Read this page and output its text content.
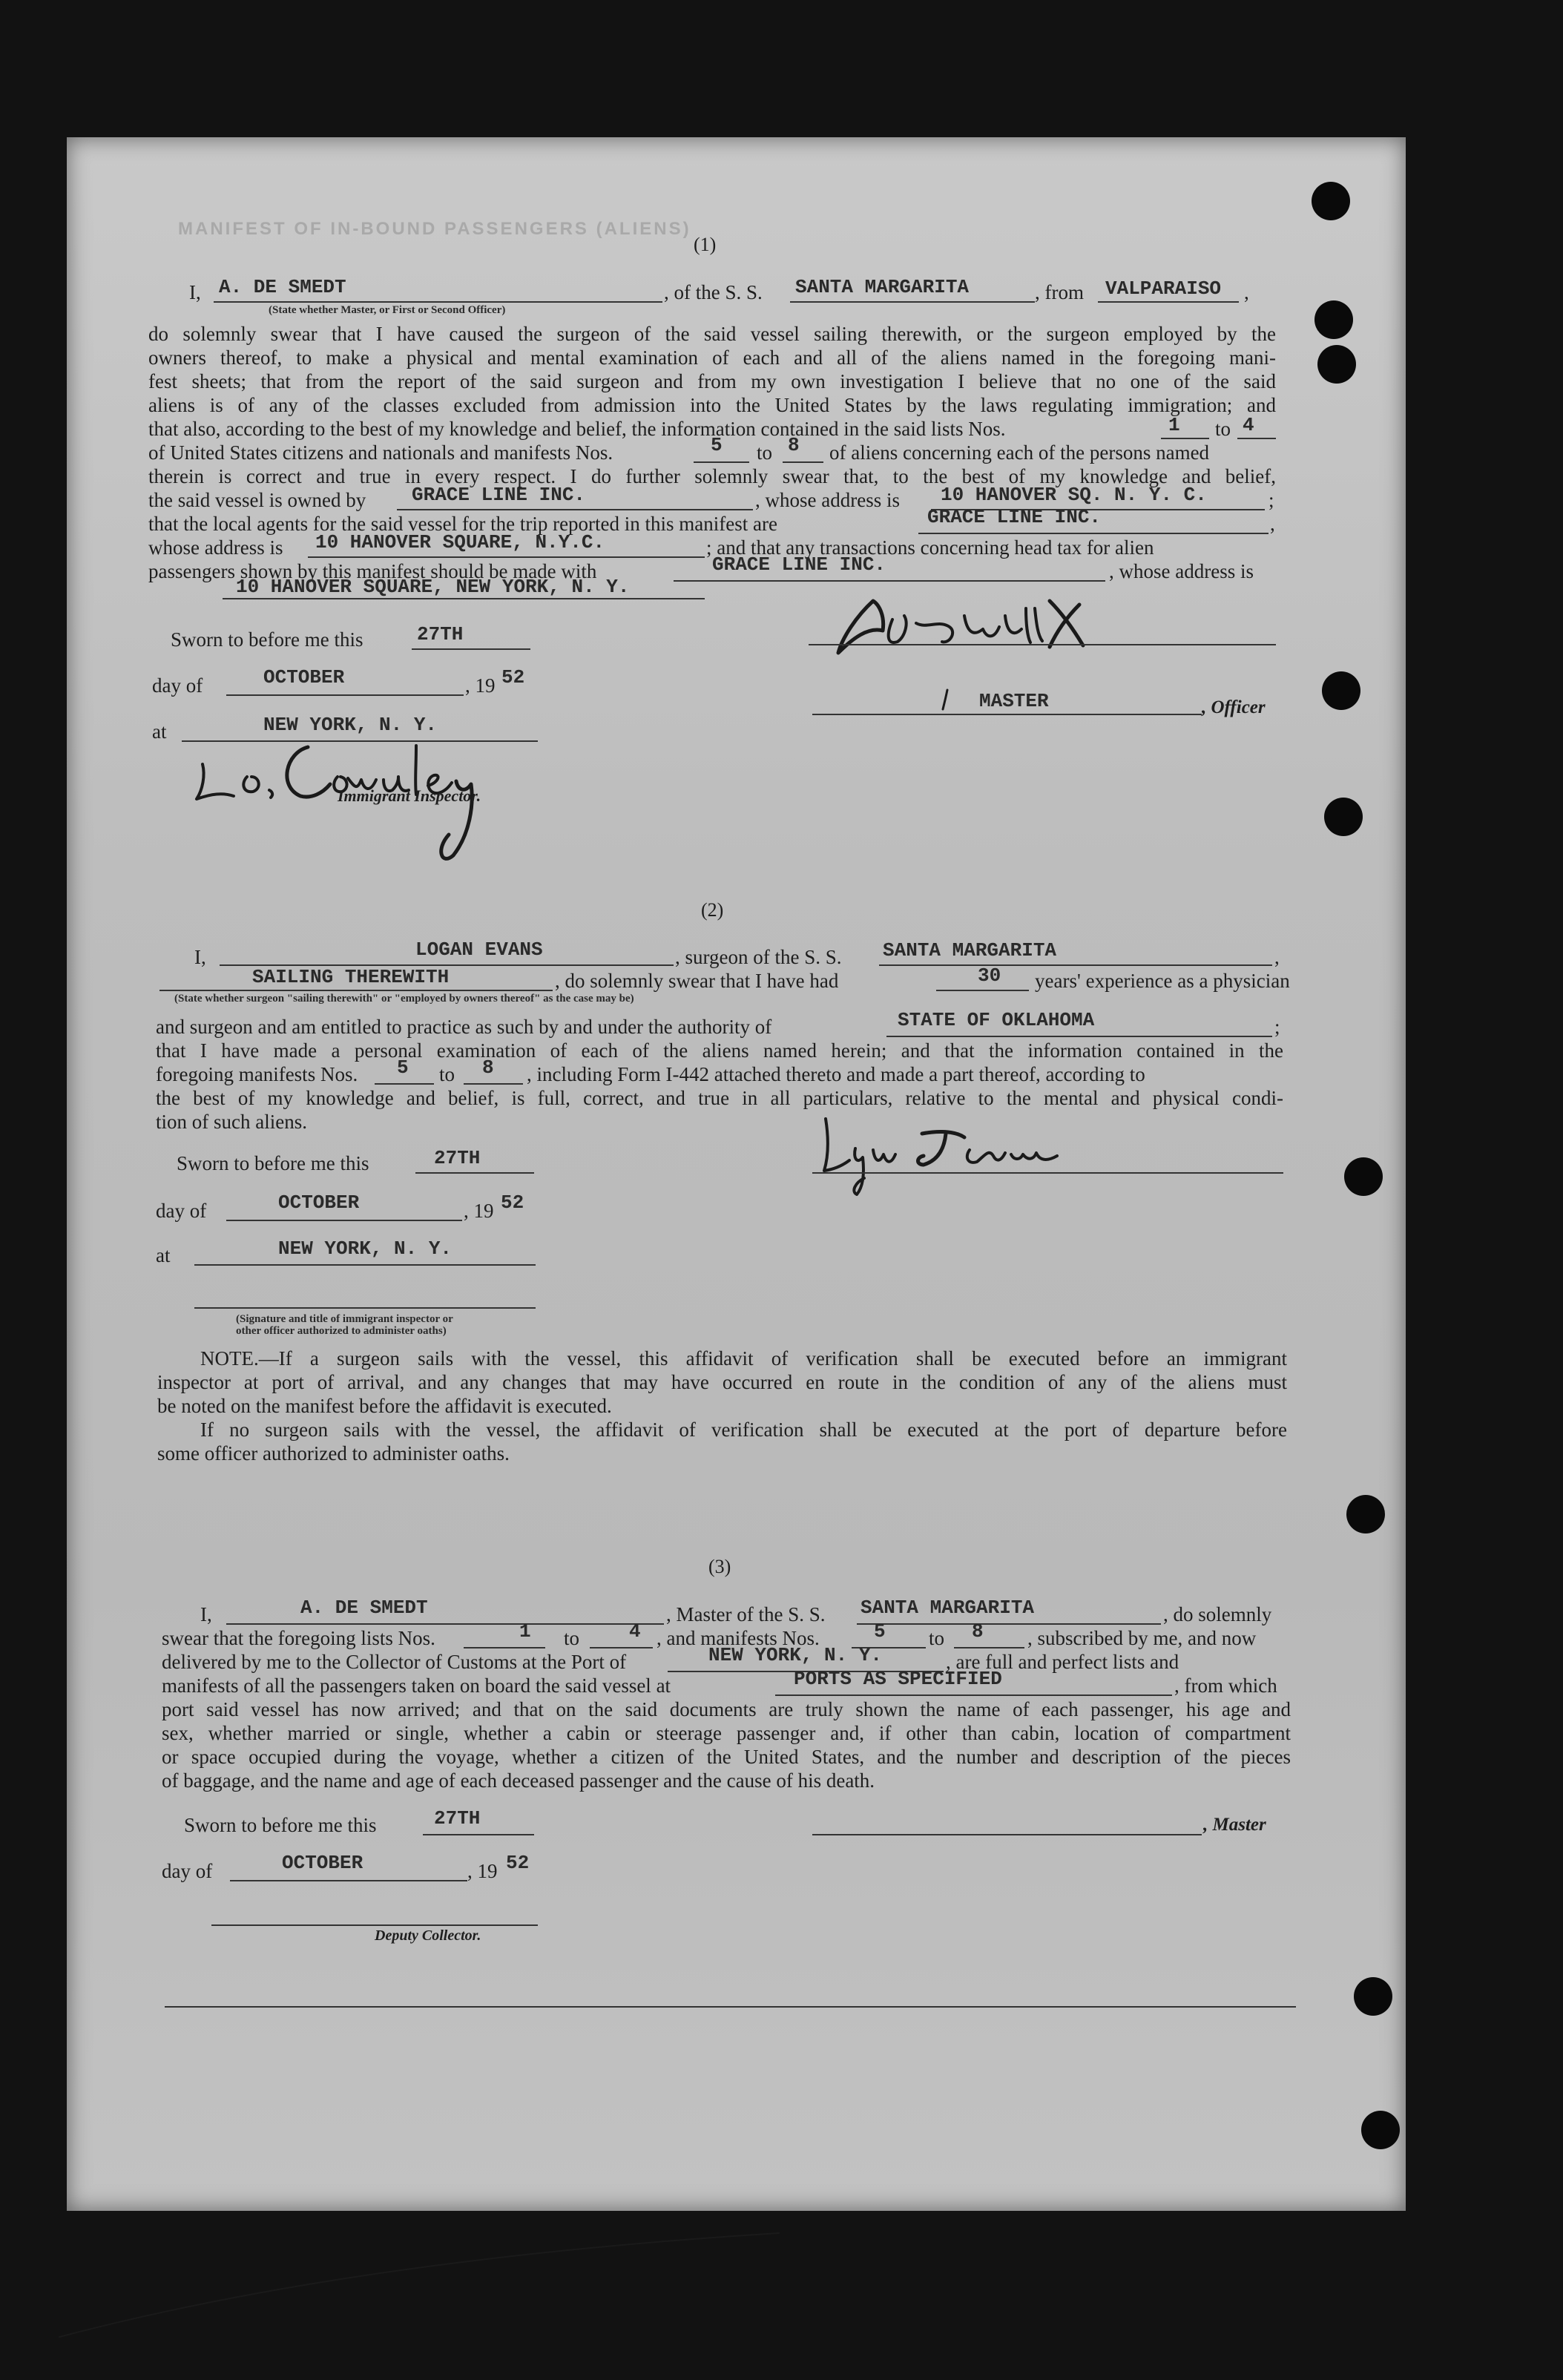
MANIFEST OF IN-BOUND PASSENGERS (ALIENS)
(1)
I, A. DE SMEDT
(State whether Master, or First or Second Officer)
, of the S. S. SANTA MARGARITA	, from VALPARAISO ,
do solemnly swear that I have caused the surgeon of the said vessel sailing therewith, or the surgeon employed by the
owners thereof, to make a physical and mental examination of each and all of the aliens named in the foregoing mani-
fest sheets; that from the report of the said surgeon and from my own investigation I believe that no one of the said
aliens is of any of the classes excluded from admission into the United States by the laws regulating immigration; and
that also, according to the best of my knowledge and belief, the information contained in the said lists Nos.	1 to 4
of United States citizens and nationals and manifests Nos.	5 to 8 of aliens concerning each of the persons named
therein is correct and true in every respect. I do further solemnly swear that, to the best of my knowledge and belief,
the said vessel is owned by GRACE LINE INC.	, whose address is 10 HANOVER SQ. N. Y. C.	;
that the local agents for the said vessel for the trip reported in this manifest are	GRACE LINE INC.	,
whose address is 10 HANOVER SQUARE, N.Y.C.	; and that any transactions concerning head tax for alien
passengers shown by this manifest should be made with	GRACE LINE INC.	, whose address is
10 HANOVER SQUARE, NEW YORK, N. Y.
Sworn to before me this	27TH
day of	OCTOBER	, 19 52
at	NEW YORK, N. Y.
Immigrant Inspector.
MASTER	, Officer
(2)
I,	LOGAN EVANS	, surgeon of the S. S. SANTA MARGARITA	,
SAILING THEREWITH	, do solemnly swear that I have had	30 years' experience as a physician
(State whether surgeon "sailing therewith" or "employed by owners thereof" as the case may be)
and surgeon and am entitled to practice as such by and under the authority of	STATE OF OKLAHOMA	;
that I have made a personal examination of each of the aliens named herein; and that the information contained in the
foregoing manifests Nos. 5 to 8 , including Form I-442 attached thereto and made a part thereof, according to
the best of my knowledge and belief, is full, correct, and true in all particulars, relative to the mental and physical condi-
tion of such aliens.
Sworn to before me this	27TH
day of	OCTOBER	, 19 52
at	NEW YORK, N. Y.
(Signature and title of immigrant inspector or
other officer authorized to administer oaths)
NOTE.—If a surgeon sails with the vessel, this affidavit of verification shall be executed before an immigrant
inspector at port of arrival, and any changes that may have occurred en route in the condition of any of the aliens must
be noted on the manifest before the affidavit is executed.
If no surgeon sails with the vessel, the affidavit of verification shall be executed at the port of departure before
some officer authorized to administer oaths.
(3)
I,	A. DE SMEDT	, Master of the S. S. SANTA MARGARITA	, do solemnly
swear that the foregoing lists Nos.	1 to	4 , and manifests Nos.	5 to 8 , subscribed by me, and now
delivered by me to the Collector of Customs at the Port of	NEW YORK, N. Y.	, are full and perfect lists and
manifests of all the passengers taken on board the said vessel at	PORTS AS SPECIFIED	, from which
port said vessel has now arrived; and that on the said documents are truly shown the name of each passenger, his age and
sex, whether married or single, whether a cabin or steerage passenger and, if other than cabin, location of compartment
or space occupied during the voyage, whether a citizen of the United States, and the number and description of the pieces
of baggage, and the name and age of each deceased passenger and the cause of his death.
Sworn to before me this	27TH	, Master
day of	OCTOBER	, 19 52
Deputy Collector.
